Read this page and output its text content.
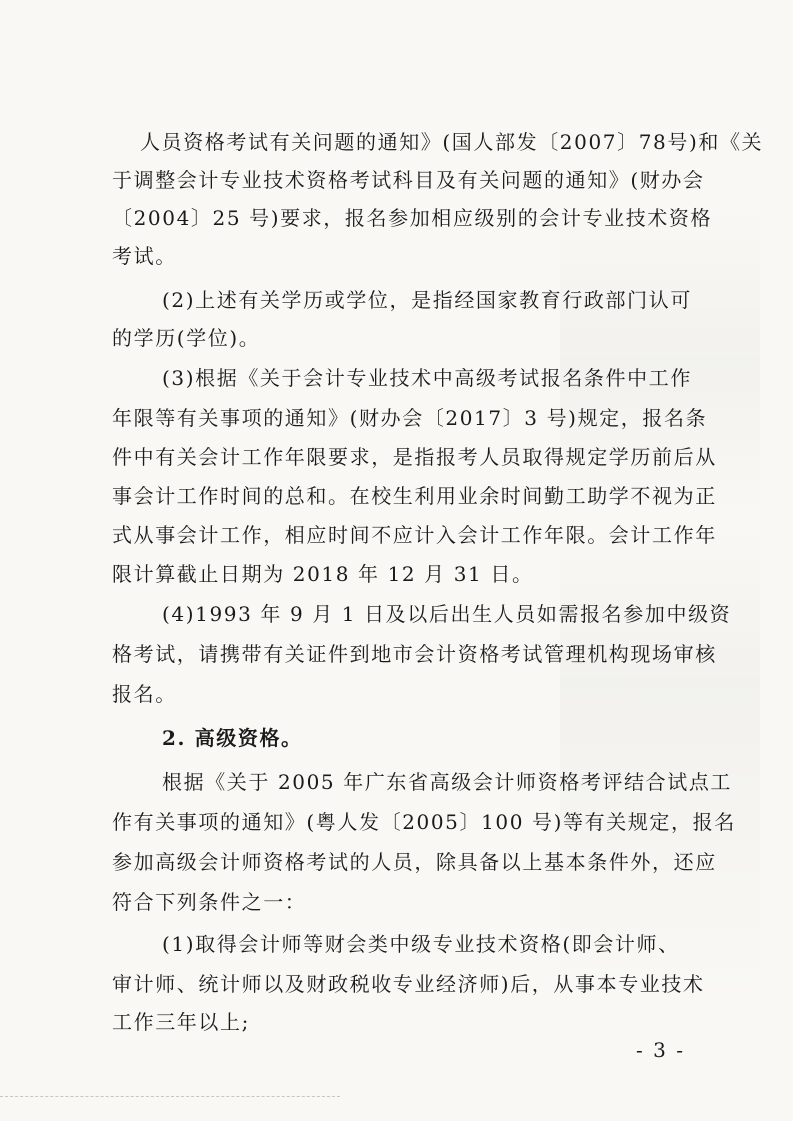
人员资格考试有关问题的通知》(国人部发〔2007〕78号)和《关
于调整会计专业技术资格考试科目及有关问题的通知》(财办会
〔2004〕25 号)要求，报名参加相应级别的会计专业技术资格
考试。
(2)上述有关学历或学位，是指经国家教育行政部门认可
的学历(学位)。
(3)根据《关于会计专业技术中高级考试报名条件中工作
年限等有关事项的通知》(财办会〔2017〕3 号)规定，报名条
件中有关会计工作年限要求，是指报考人员取得规定学历前后从
事会计工作时间的总和。在校生利用业余时间勤工助学不视为正
式从事会计工作，相应时间不应计入会计工作年限。会计工作年
限计算截止日期为 2018 年 12 月 31 日。
(4)1993 年 9 月 1 日及以后出生人员如需报名参加中级资
格考试，请携带有关证件到地市会计资格考试管理机构现场审核
报名。
2. 高级资格。
根据《关于 2005 年广东省高级会计师资格考评结合试点工
作有关事项的通知》(粤人发〔2005〕100 号)等有关规定，报名
参加高级会计师资格考试的人员，除具备以上基本条件外，还应
符合下列条件之一：
(1)取得会计师等财会类中级专业技术资格(即会计师、
审计师、统计师以及财政税收专业经济师)后，从事本专业技术
工作三年以上;
- 3 -
